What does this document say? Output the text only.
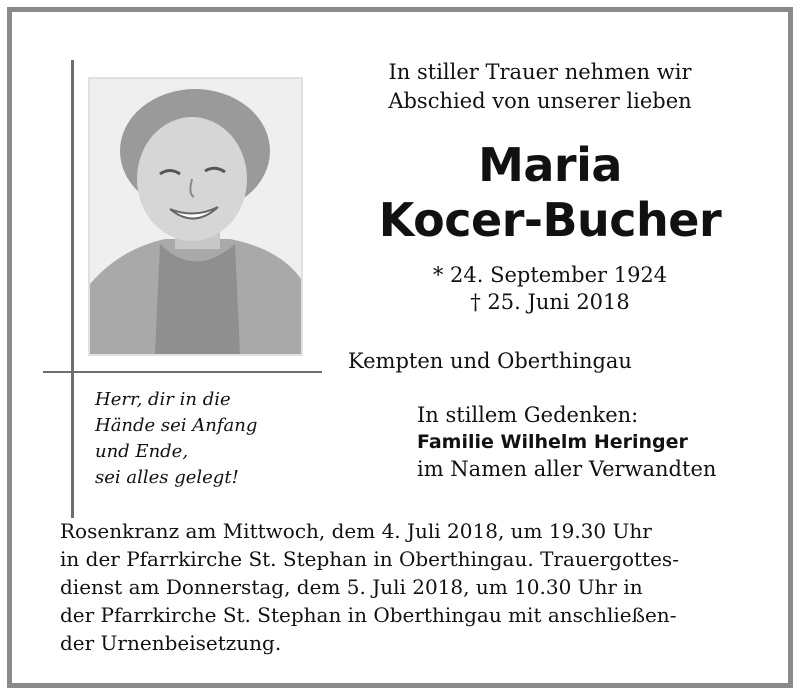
In stiller Trauer nehmen wir
Abschied von unserer lieben
Maria
Kocer-Bucher
* 24. September 1924
† 25. Juni 2018
Kempten und Oberthingau
Herr, dir in die
Hände sei Anfang
und Ende,
sei alles gelegt!
In stillem Gedenken:
Familie Wilhelm Heringer
im Namen aller Verwandten
Rosenkranz am Mittwoch, dem 4. Juli 2018, um 19.30 Uhr
in der Pfarrkirche St. Stephan in Oberthingau. Trauergottes-
dienst am Donnerstag, dem 5. Juli 2018, um 10.30 Uhr in
der Pfarrkirche St. Stephan in Oberthingau mit anschließen-
der Urnenbeisetzung.
